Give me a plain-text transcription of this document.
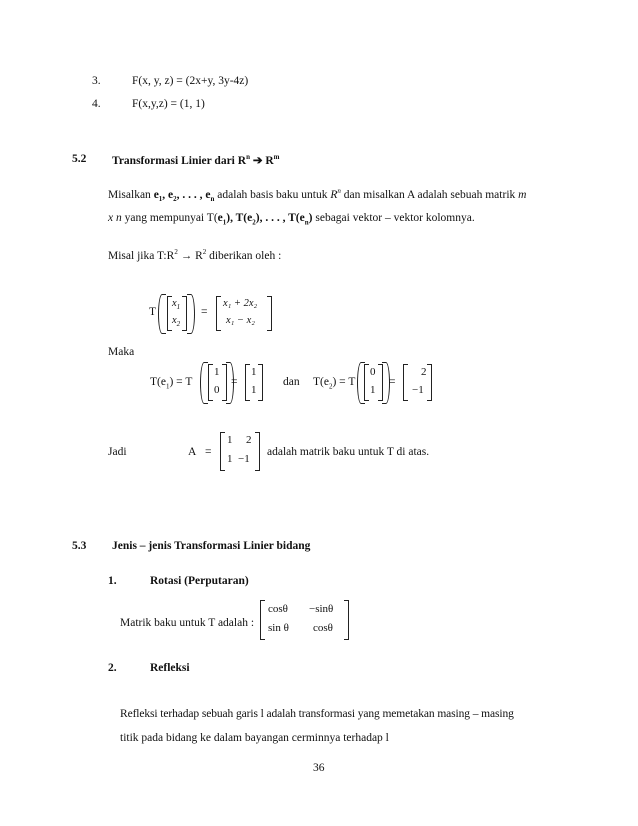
3.	F(x, y, z) = (2x+y, 3y-4z)
4.	F(x,y,z) = (1, 1)
5.2 Transformasi Linier dari $R^n$ ➔ $R^m$
Misalkan $e_1$, $e_2$, . . . , $e_n$ adalah basis baku untuk $R^n$ dan misalkan A adalah sebuah matrik m
x n yang mempunyai $T(e_1)$, $T(e_2)$, . . . , $T(e_n)$ sebagai vektor – vektor kolomnya.
Misal jika $T:R^2 \to R^2$ diberikan oleh :
T
$x_1$
$x_2$
=
x₁ + 2x₂
x₁ − x₂
Maka
$T(e_1) = T$
1
0
=
1
1
dan $T(e_2) = T$
0
1
=
2
−1
Jadi	A =
1 2
1 −1
adalah matrik baku untuk T di atas.
5.3 Jenis – jenis Transformasi Linier bidang
1.	Rotasi (Perputaran)
Matrik baku untuk T adalah :
cosθ −sinθ
sin θ cosθ
2.	Refleksi
Refleksi terhadap sebuah garis l adalah transformasi yang memetakan masing – masing
titik pada bidang ke dalam bayangan cerminnya terhadap l
36
